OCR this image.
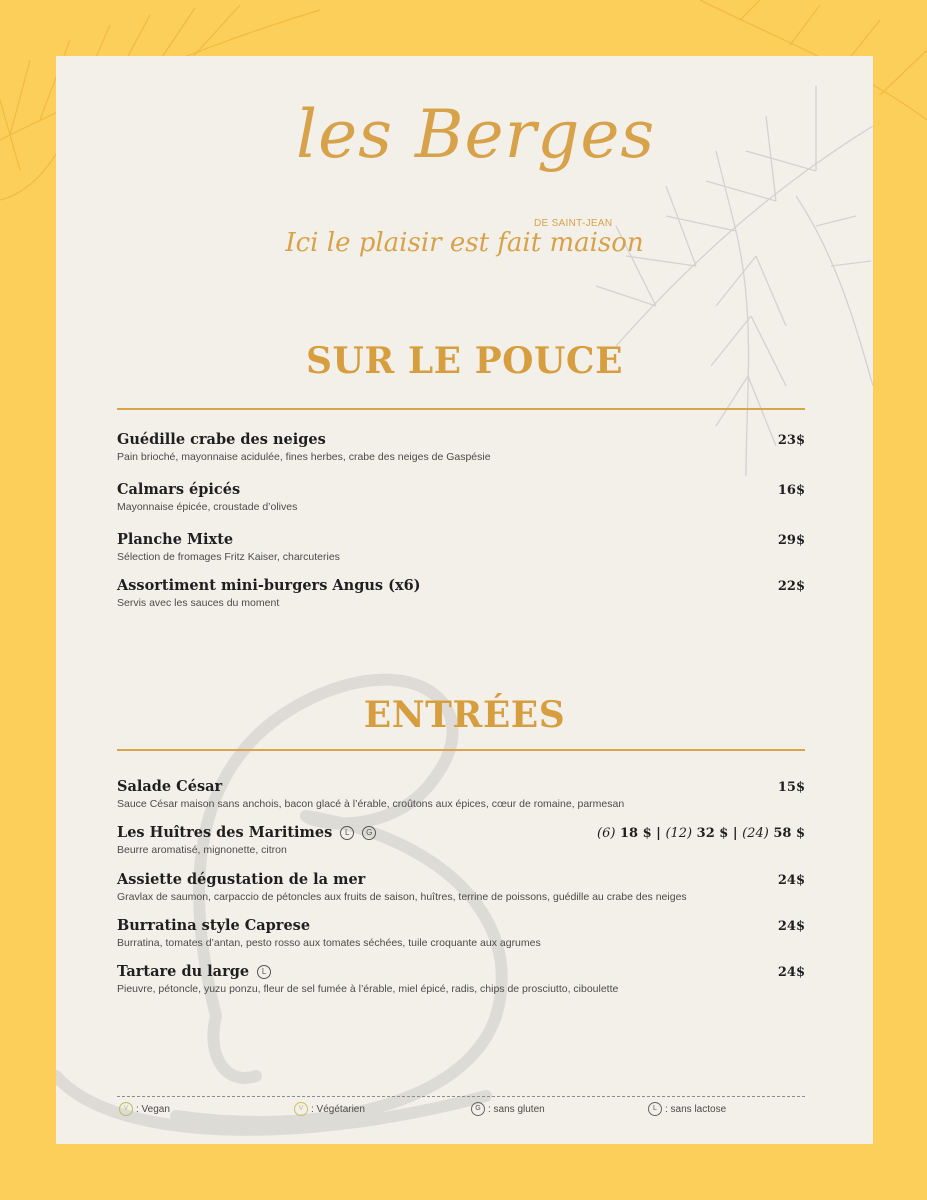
les Berges
DE SAINT-JEAN
Ici le plaisir est fait maison
SUR LE POUCE
Guédille crabe des neiges	23$
Pain brioché, mayonnaise acidulée, fines herbes, crabe des neiges de Gaspésie
Calmars épicés	16$
Mayonnaise épicée, croustade d’olives
Planche Mixte	29$
Sélection de fromages Fritz Kaiser, charcuteries
Assortiment mini-burgers Angus (x6)	22$
Servis avec les sauces du moment
ENTRÉES
Salade César	15$
Sauce César maison sans anchois, bacon glacé à l’érable, croûtons aux épices, cœur de romaine, parmesan
Les Huîtres des Maritimes	L	G	(6) 18 $ | (12) 32 $ | (24) 58 $
Beurre aromatisé, mignonette, citron
Assiette dégustation de la mer	24$
Gravlax de saumon, carpaccio de pétoncles aux fruits de saison, huîtres, terrine de poissons, guédille au crabe des neiges
Burratina style Caprese	24$
Burratina, tomates d’antan, pesto rosso aux tomates séchées, tuile croquante aux agrumes
Tartare du large	L	24$
Pieuvre, pétoncle, yuzu ponzu, fleur de sel fumée à l’érable, miel épicé, radis, chips de prosciutto, ciboulette
V : Vegan	V : Végétarien	G : sans gluten	L : sans lactose
